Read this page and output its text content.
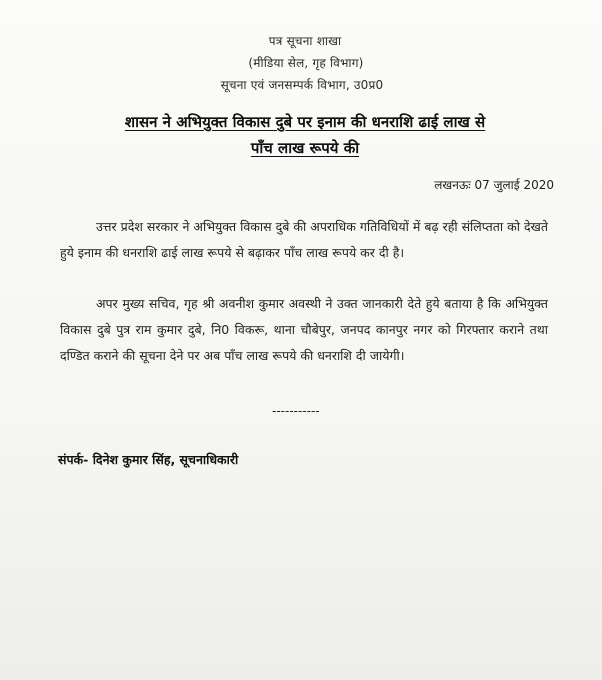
पत्र सूचना शाखा
(मीडिया सेल, गृह विभाग)
सूचना एवं जनसम्पर्क विभाग, उ0प्र0
शासन ने अभियुक्त विकास दुबे पर इनाम की धनराशि ढाई लाख से
पाँच लाख रूपये की
लखनऊः 07 जुलाई 2020
उत्तर प्रदेश सरकार ने अभियुक्त विकास दुबे की अपराधिक गतिविधियों में बढ़ रही संलिप्तता को देखते हुये इनाम की धनराशि ढाई लाख रूपये से बढ़ाकर पाँच लाख रूपये कर दी है।
अपर मुख्य सचिव, गृह श्री अवनीश कुमार अवस्थी ने उक्त जानकारी देते हुये बताया है कि अभियुक्त विकास दुबे पुत्र राम कुमार दुबे, नि0 विकरू, थाना चौबेपुर, जनपद कानपुर नगर को गिरफ्तार कराने तथा दण्डित कराने की सूचना देने पर अब पाँच लाख रूपये की धनराशि दी जायेगी।
-----------
संपर्क- दिनेश कुमार सिंह, सूचनाधिकारी
